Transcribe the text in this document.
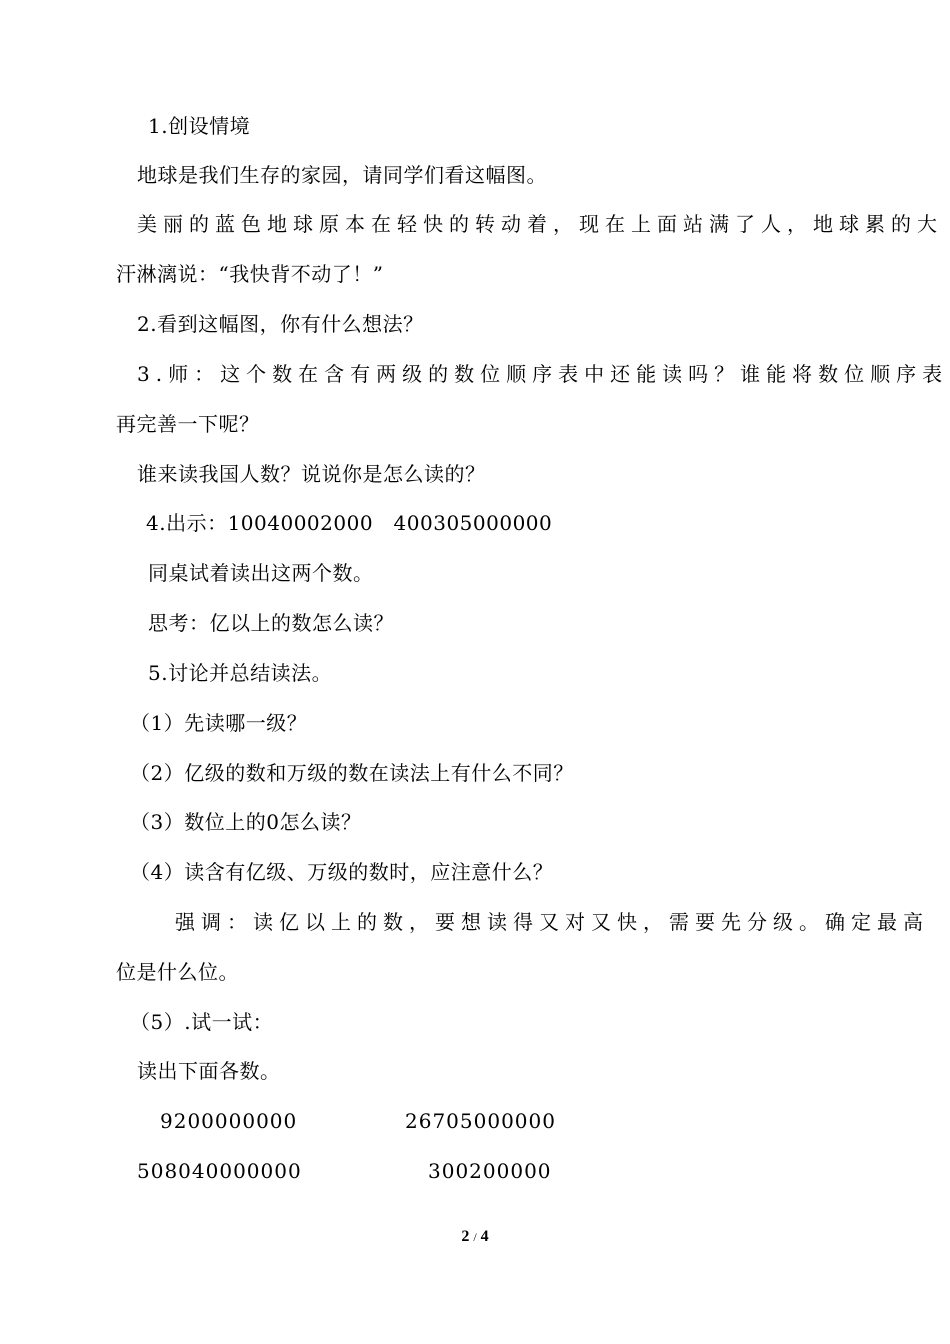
1.创设情境
地球是我们生存的家园，请同学们看这幅图。
美丽的蓝色地球原本在轻快的转动着，现在上面站满了人，地球累的大
汗淋漓说：“我快背不动了！”
2.看到这幅图，你有什么想法？
3.师：这个数在含有两级的数位顺序表中还能读吗？谁能将数位顺序表
再完善一下呢？
谁来读我国人数？说说你是怎么读的？
4.出示：10040002000　400305000000
同桌试着读出这两个数。
思考：亿以上的数怎么读？
5.讨论并总结读法。
（1）先读哪一级？
（2）亿级的数和万级的数在读法上有什么不同？
（3）数位上的0怎么读？
（4）读含有亿级、万级的数时，应注意什么？
强调：读亿以上的数，要想读得又对又快，需要先分级。确定最高
位是什么位。
（5）.试一试：
读出下面各数。
9200000000	26705000000
508040000000	300200000
2 / 4
